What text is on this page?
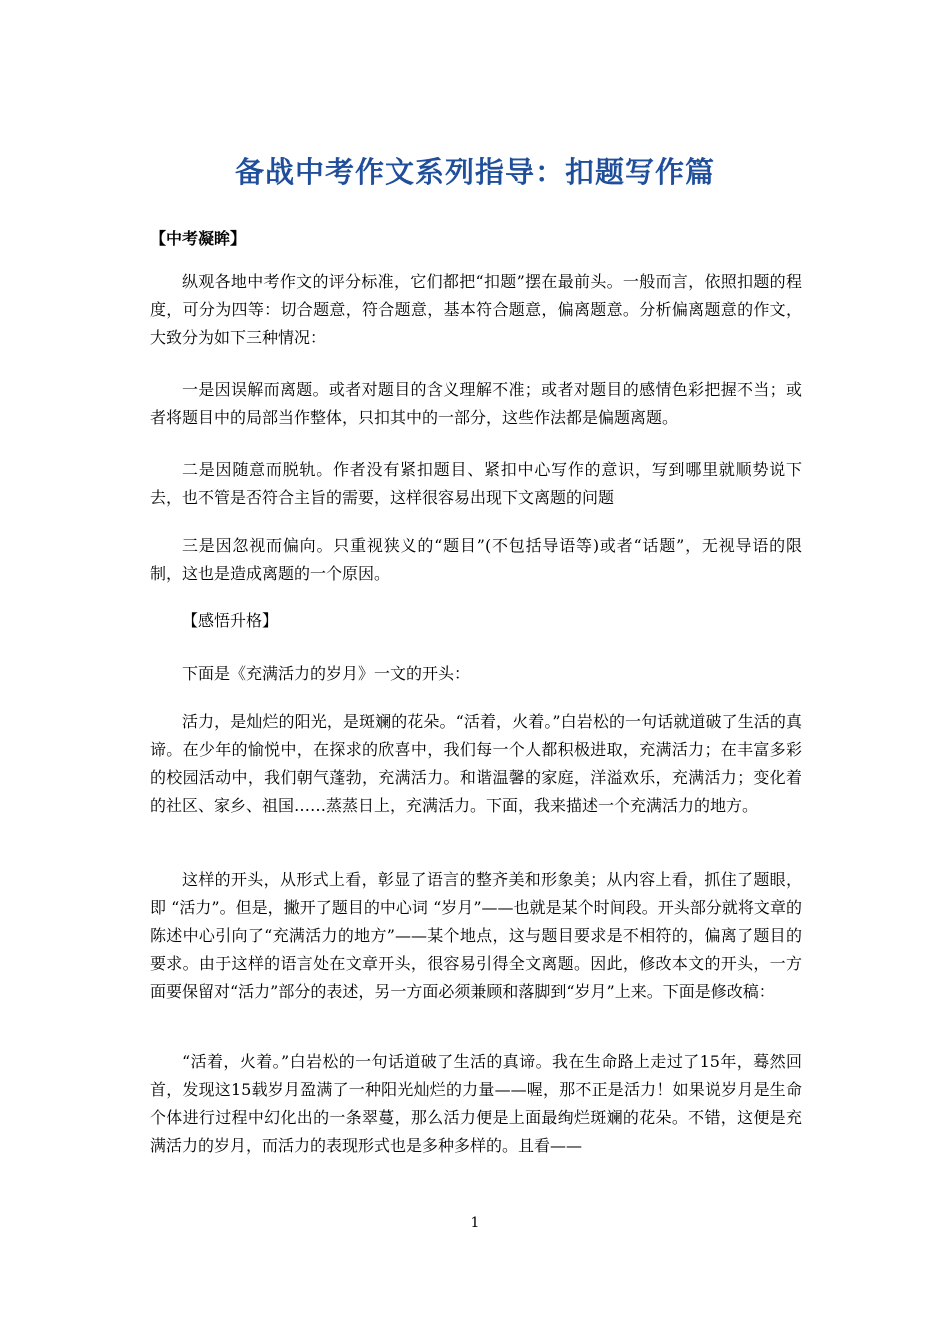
备战中考作文系列指导：扣题写作篇
【中考凝眸】
纵观各地中考作文的评分标准，它们都把“扣题”摆在最前头。一般而言，依照扣题的程度，可分为四等：切合题意，符合题意，基本符合题意，偏离题意。分析偏离题意的作文，大致分为如下三种情况：
一是因误解而离题。或者对题目的含义理解不准；或者对题目的感情色彩把握不当；或者将题目中的局部当作整体，只扣其中的一部分，这些作法都是偏题离题。
二是因随意而脱轨。作者没有紧扣题目、紧扣中心写作的意识，写到哪里就顺势说下去，也不管是否符合主旨的需要，这样很容易出现下文离题的问题
三是因忽视而偏向。只重视狭义的“题目”(不包括导语等)或者“话题”，无视导语的限制，这也是造成离题的一个原因。
【感悟升格】
下面是《充满活力的岁月》一文的开头：
活力，是灿烂的阳光，是斑斓的花朵。“活着，火着。”白岩松的一句话就道破了生活的真谛。在少年的愉悦中，在探求的欣喜中，我们每一个人都积极进取，充满活力；在丰富多彩的校园活动中，我们朝气蓬勃，充满活力。和谐温馨的家庭，洋溢欢乐，充满活力；变化着的社区、家乡、祖国……蒸蒸日上，充满活力。下面，我来描述一个充满活力的地方。
这样的开头，从形式上看，彰显了语言的整齐美和形象美；从内容上看，抓住了题眼，即 “活力”。但是，撇开了题目的中心词 “岁月”——也就是某个时间段。开头部分就将文章的陈述中心引向了“充满活力的地方”——某个地点，这与题目要求是不相符的，偏离了题目的要求。由于这样的语言处在文章开头，很容易引得全文离题。因此，修改本文的开头，一方面要保留对“活力”部分的表述，另一方面必须兼顾和落脚到“岁月”上来。下面是修改稿：
“活着，火着。”白岩松的一句话道破了生活的真谛。我在生命路上走过了15年，蓦然回首，发现这15载岁月盈满了一种阳光灿烂的力量——喔，那不正是活力！如果说岁月是生命个体进行过程中幻化出的一条翠蔓，那么活力便是上面最绚烂斑斓的花朵。不错，这便是充满活力的岁月，而活力的表现形式也是多种多样的。且看——
1
